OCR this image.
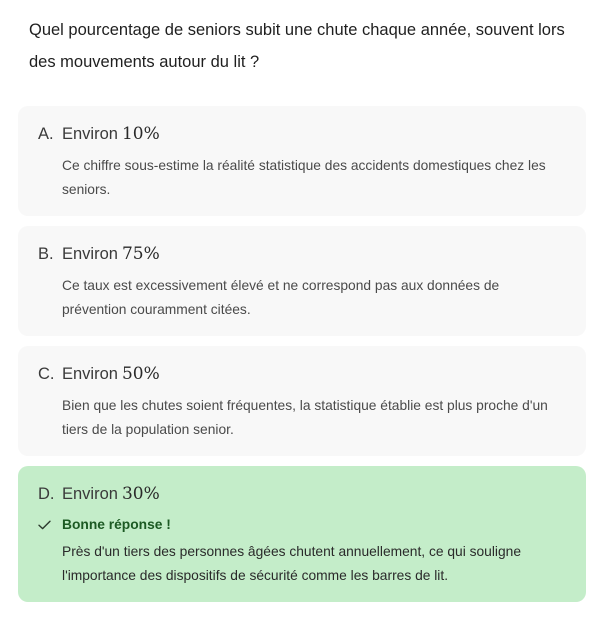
Quel pourcentage de seniors subit une chute chaque année, souvent lors des mouvements autour du lit ?

A. Environ 10%
Ce chiffre sous-estime la réalité statistique des accidents domestiques chez les seniors.
B. Environ 75%
Ce taux est excessivement élevé et ne correspond pas aux données de prévention couramment citées.
C. Environ 50%
Bien que les chutes soient fréquentes, la statistique établie est plus proche d'un tiers de la population senior.
D. Environ 30%
Bonne réponse !
Près d'un tiers des personnes âgées chutent annuellement, ce qui souligne l'importance des dispositifs de sécurité comme les barres de lit.
